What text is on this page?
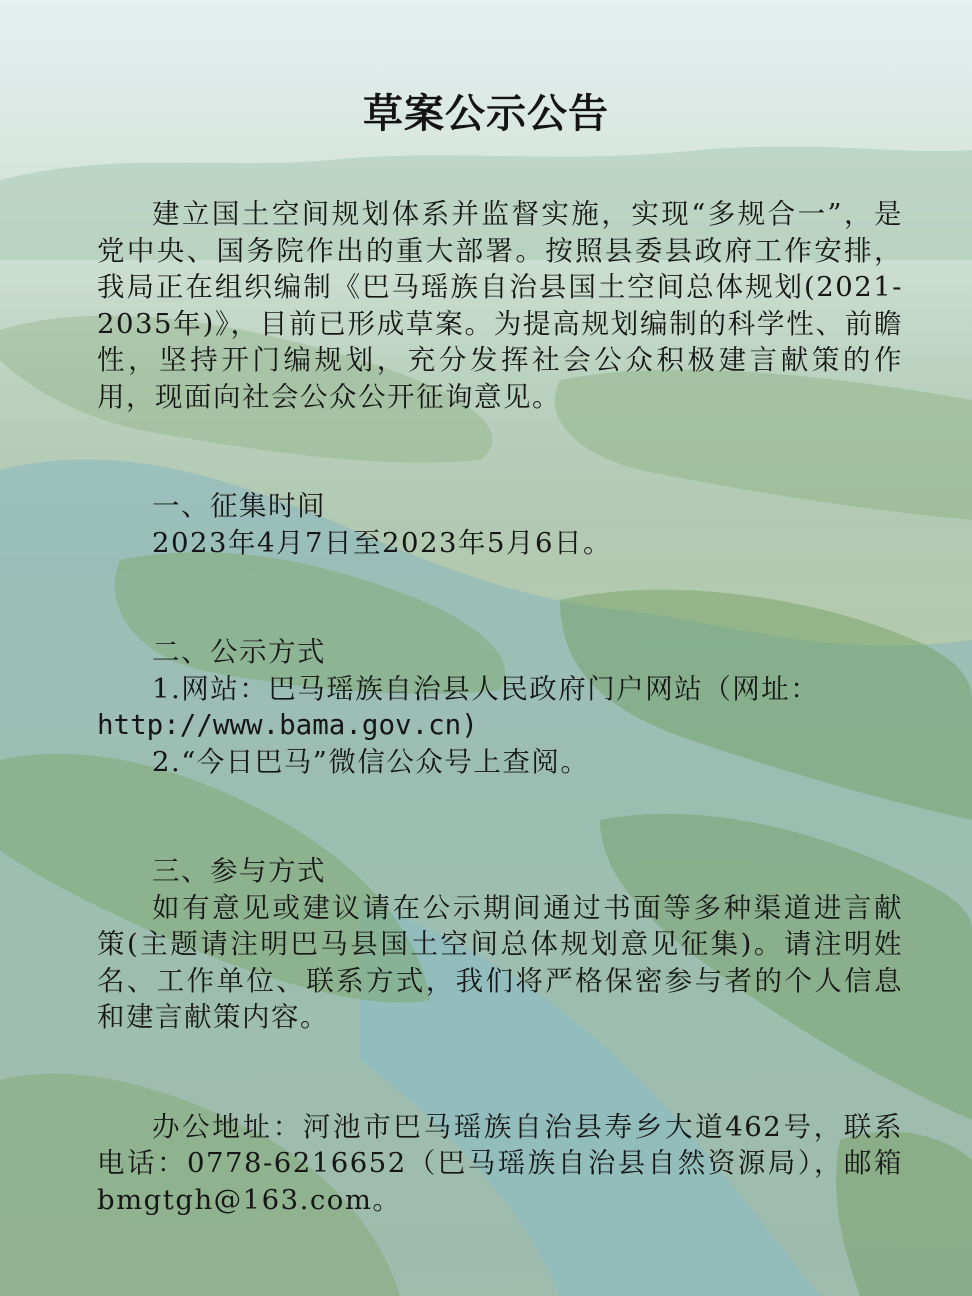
草案公示公告

建立国土空间规划体系并监督实施，实现“多规合一”，是党中央、国务院作出的重大部署。按照县委县政府工作安排，我局正在组织编制《巴马瑶族自治县国土空间总体规划(2021-2035年)》，目前已形成草案。为提高规划编制的科学性、前瞻性，坚持开门编规划，充分发挥社会公众积极建言献策的作用，现面向社会公众公开征询意见。

一、征集时间

2023年4月7日至2023年5月6日。

二、公示方式

1.网站：巴马瑶族自治县人民政府门户网站（网址：

http://www.bama.gov.cn)

2.“今日巴马”微信公众号上查阅。

三、参与方式

如有意见或建议请在公示期间通过书面等多种渠道进言献策(主题请注明巴马县国土空间总体规划意见征集)。请注明姓名、工作单位、联系方式，我们将严格保密参与者的个人信息和建言献策内容。

办公地址：河池市巴马瑶族自治县寿乡大道462号，联系电话：0778-6216652（巴马瑶族自治县自然资源局），邮箱bmgtgh@163.com。
